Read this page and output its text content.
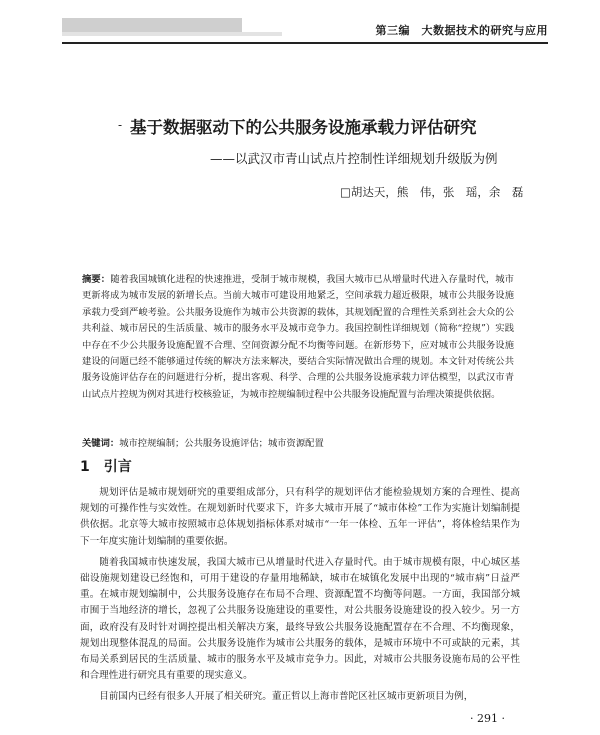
第三编　大数据技术的研究与应用
- 基于数据驱动下的公共服务设施承载力评估研究
——以武汉市青山试点片控制性详细规划升级版为例
□胡达天，熊　伟，张　瑶，余　磊
摘要：随着我国城镇化进程的快速推进，受制于城市规模，我国大城市已从增量时代进入存量时代，城市更新将成为城市发展的新增长点。当前大城市可建设用地紧乏，空间承载力超近极限，城市公共服务设施承载力受到严峻考验。公共服务设施作为城市公共资源的载体，其规划配置的合理性关系到社会大众的公共利益、城市居民的生活质量、城市的服务水平及城市竞争力。我国控制性详细规划（简称“控规”）实践中存在不少公共服务设施配置不合理、空间资源分配不均衡等问题。在新形势下，应对城市公共服务设施建设的问题已经不能够通过传统的解决方法来解决，要结合实际情况做出合理的规划。本文针对传统公共服务设施评估存在的问题进行分析，提出客观、科学、合理的公共服务设施承载力评估模型，以武汉市青山试点片控规为例对其进行校核验证，为城市控规编制过程中公共服务设施配置与治理决策提供依据。
关键词：城市控规编制；公共服务设施评估；城市资源配置
1 引言

规划评估是城市规划研究的重要组成部分，只有科学的规划评估才能检验规划方案的合理性、提高规划的可操作性与实效性。在规划新时代要求下，许多大城市开展了“城市体检”工作为实施计划编制提供依据。北京等大城市按照城市总体规划指标体系对城市“一年一体检、五年一评估”，将体检结果作为下一年度实施计划编制的重要依据。

随着我国城市快速发展，我国大城市已从增量时代进入存量时代。由于城市规模有限，中心城区基础设施规划建设已经饱和，可用于建设的存量用地稀缺，城市在城镇化发展中出现的“城市病”日益严重。在城市规划编制中，公共服务设施存在布局不合理、资源配置不均衡等问题。一方面，我国部分城市囿于当地经济的增长，忽视了公共服务设施建设的重要性，对公共服务设施建设的投入较少。另一方面，政府没有及时针对调控提出相关解决方案，最终导致公共服务设施配置存在不合理、不均衡现象，规划出现整体混乱的局面。公共服务设施作为城市公共服务的载体，是城市环境中不可或缺的元素，其布局关系到居民的生活质量、城市的服务水平及城市竞争力。因此，对城市公共服务设施布局的公平性和合理性进行研究具有重要的现实意义。

目前国内已经有很多人开展了相关研究。董正哲以上海市普陀区社区城市更新项目为例，

· 291 ·
